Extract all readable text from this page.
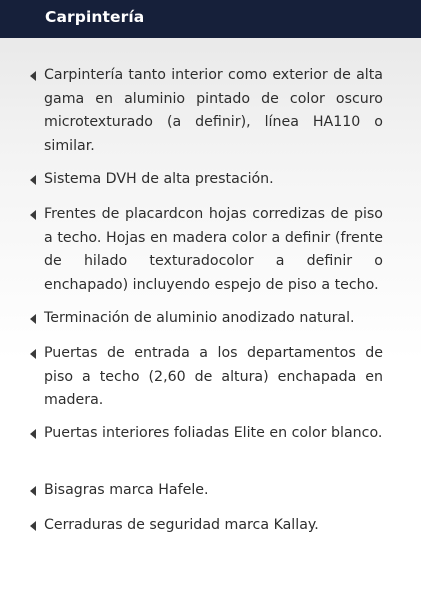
Carpintería
Carpintería tanto interior como exterior de alta gama en aluminio pintado de color oscuro microtexturado (a definir), línea HA110 o similar.
Sistema DVH de alta prestación.
Frentes de placardcon hojas corredizas de piso a techo. Hojas en madera color a definir (frente de hilado texturadocolor a definir o enchapado) incluyendo espejo de piso a techo.
Terminación de aluminio anodizado natural.
Puertas de entrada a los departamentos de piso a techo (2,60 de altura) enchapada en madera.
Puertas interiores foliadas Elite en color blanco.
Bisagras marca Hafele.
Cerraduras de seguridad marca Kallay.
